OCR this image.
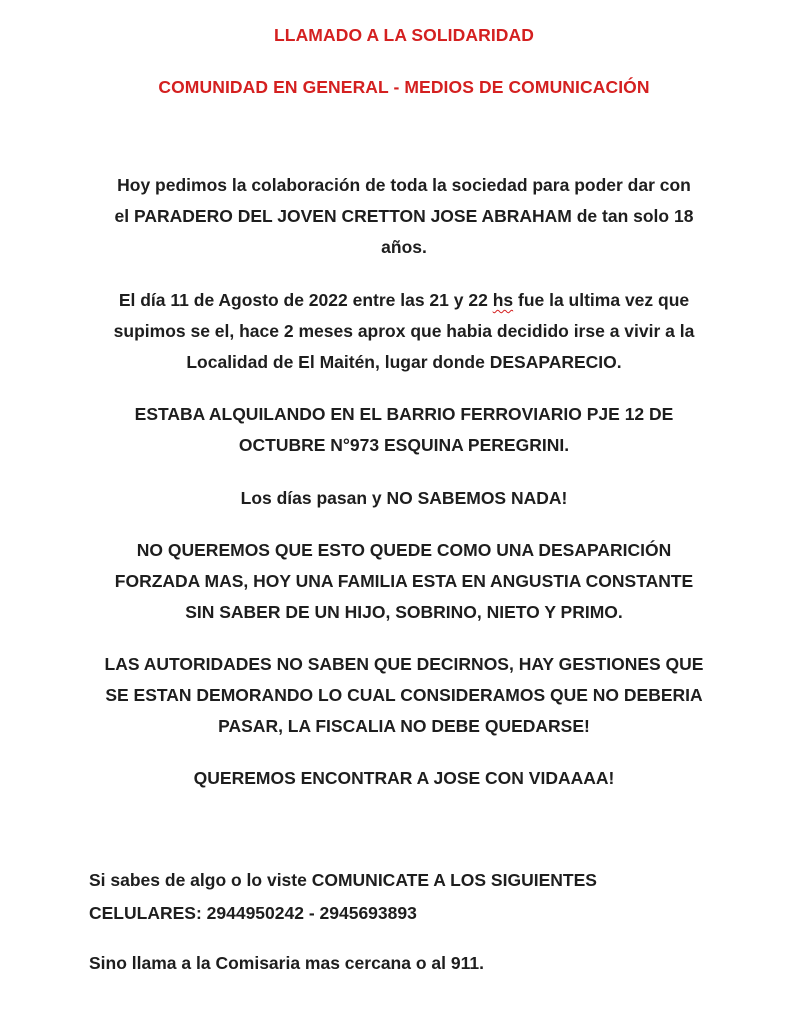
LLAMADO A LA SOLIDARIDAD
COMUNIDAD EN GENERAL - MEDIOS DE COMUNICACIÓN
Hoy pedimos la colaboración de toda la sociedad para poder dar con
el PARADERO DEL JOVEN CRETTON JOSE ABRAHAM de tan solo 18
años.
El día 11 de Agosto de 2022 entre las 21 y 22 hs fue la ultima vez que
supimos se el, hace 2 meses aprox que habia decidido irse a vivir a la
Localidad de El Maitén, lugar donde DESAPARECIO.
ESTABA ALQUILANDO EN EL BARRIO FERROVIARIO PJE 12 DE
OCTUBRE N°973 ESQUINA PEREGRINI.
Los días pasan y NO SABEMOS NADA!
NO QUEREMOS QUE ESTO QUEDE COMO UNA DESAPARICIÓN
FORZADA MAS, HOY UNA FAMILIA ESTA EN ANGUSTIA CONSTANTE
SIN SABER DE UN HIJO, SOBRINO, NIETO Y PRIMO.
LAS AUTORIDADES NO SABEN QUE DECIRNOS, HAY GESTIONES QUE
SE ESTAN DEMORANDO LO CUAL CONSIDERAMOS QUE NO DEBERIA
PASAR, LA FISCALIA NO DEBE QUEDARSE!
QUEREMOS ENCONTRAR A JOSE CON VIDAAAA!
Si sabes de algo o lo viste COMUNICATE A LOS SIGUIENTES
CELULARES: 2944950242 - 2945693893
Sino llama a la Comisaria mas cercana o al 911.
